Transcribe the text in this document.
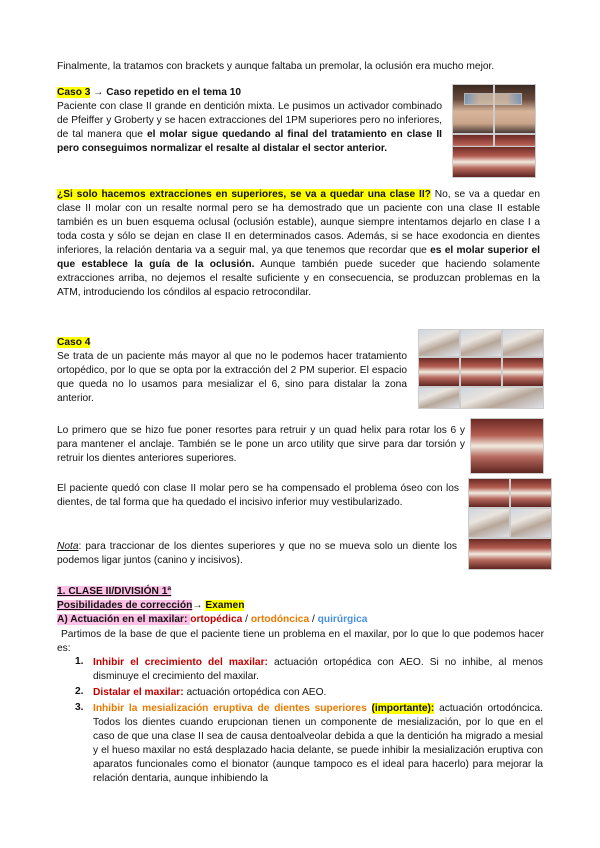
Finalmente, la tratamos con brackets y aunque faltaba un premolar, la oclusión era mucho mejor.
Caso 3 → Caso repetido en el tema 10
Paciente con clase II grande en dentición mixta. Le pusimos un activador combinado de Pfeiffer y Groberty y se hacen extracciones del 1PM superiores pero no inferiores, de tal manera que el molar sigue quedando al final del tratamiento en clase II pero conseguimos normalizar el resalte al distalar el sector anterior.
¿Si solo hacemos extracciones en superiores, se va a quedar una clase II? No, se va a quedar en clase II molar con un resalte normal pero se ha demostrado que un paciente con una clase II estable también es un buen esquema oclusal (oclusión estable), aunque siempre intentamos dejarlo en clase I a toda costa y sólo se dejan en clase II en determinados casos. Además, si se hace exodoncia en dientes inferiores, la relación dentaria va a seguir mal, ya que tenemos que recordar que es el molar superior el que establece la guía de la oclusión. Aunque también puede suceder que haciendo solamente extracciones arriba, no dejemos el resalte suficiente y en consecuencia, se produzcan problemas en la ATM, introduciendo los cóndilos al espacio retrocondilar.
Caso 4
Se trata de un paciente más mayor al que no le podemos hacer tratamiento ortopédico, por lo que se opta por la extracción del 2 PM superior. El espacio que queda no lo usamos para mesializar el 6, sino para distalar la zona anterior.
Lo primero que se hizo fue poner resortes para retruir y un quad helix para rotar los 6 y para mantener el anclaje. También se le pone un arco utility que sirve para dar torsión y retruir los dientes anteriores superiores.
El paciente quedó con clase II molar pero se ha compensado el problema óseo con los dientes, de tal forma que ha quedado el incisivo inferior muy vestibularizado.
Nota: para traccionar de los dientes superiores y que no se mueva solo un diente los podemos ligar juntos (canino y incisivos).
1. CLASE II/DIVISIÓN 1ª
Posibilidades de corrección→ Examen
A) Actuación en el maxilar: ortopédica / ortodóncica / quirúrgica
Partimos de la base de que el paciente tiene un problema en el maxilar, por lo que lo que podemos hacer es:
1. Inhibir el crecimiento del maxilar: actuación ortopédica con AEO. Si no inhibe, al menos disminuye el crecimiento del maxilar.
2. Distalar el maxilar: actuación ortopédica con AEO.
3. Inhibir la mesialización eruptiva de dientes superiores (importante): actuación ortodóncica. Todos los dientes cuando erupcionan tienen un componente de mesialización, por lo que en el caso de que una clase II sea de causa dentoalveolar debida a que la dentición ha migrado a mesial y el hueso maxilar no está desplazado hacia delante, se puede inhibir la mesialización eruptiva con aparatos funcionales como el bionator (aunque tampoco es el ideal para hacerlo) para mejorar la relación dentaria, aunque inhibiendo la
